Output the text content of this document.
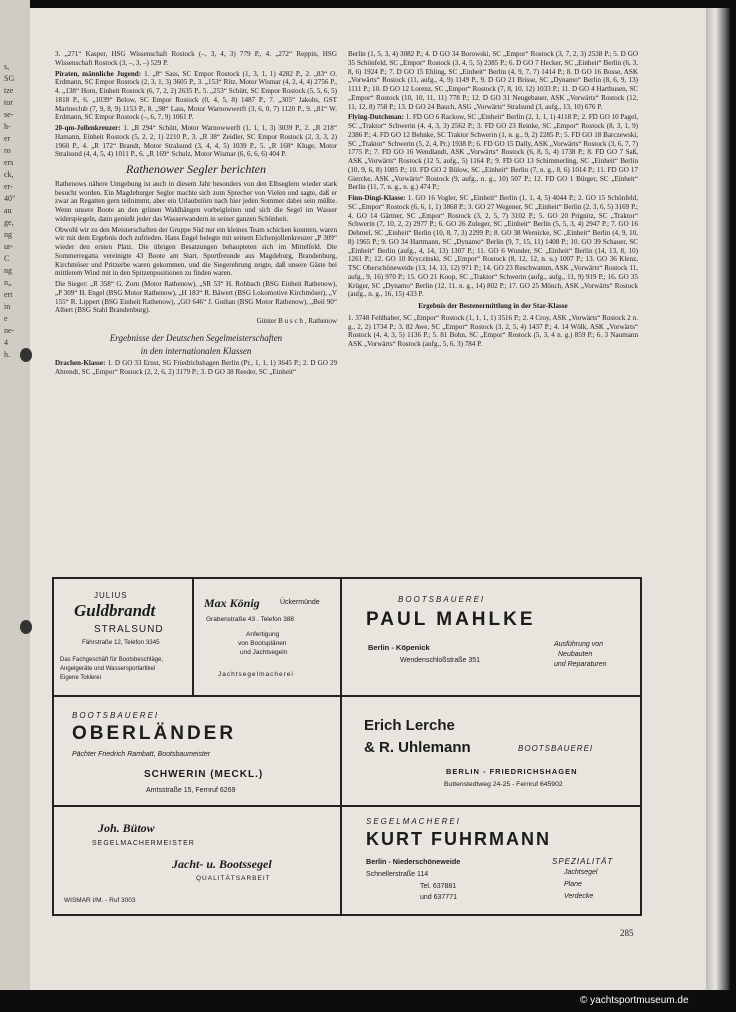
s,
SG
tze
tor
se-
h-
er
ro
ers
ck,
er-
40"
au
ge,
ng
ur-
C
ng
n„
ert
in
e
ne-
4
h.

3. „271“ Kasper, HSG Wissenschaft Rostock (–, 3, 4, 3) 779 P., 4. „272“ Reppin, HSG Wissenschaft Rostock (3, –, 3, –) 529 P.

Piraten, männliche Jugend: 1. „8“ Sass, SC Empor Rostock (1, 3, 1, 1) 4282 P., 2. „83“ O. Erdmann, SC Empor Rostock (2, 3, 1, 3) 3605 P., 3. „153“ Ritz, Motor Wismar (4, 2, 4, 4) 2756 P., 4. „138“ Horn, Einheit Rostock (6, 7, 2, 2) 2635 P., 5. „253“ Schütt, SC Empor Rostock (5, 5, 6, 5) 1818 P., 6. „1039“ Below, SC Empor Rostock (0, 4, 5, 8) 1487 P., 7. „305“ Jakobs, GST Marineclub (7, 9, 8, 9) 1153 P., 8. „98“ Lass, Motor Warnowwerft (3, 6, 0, 7) 1120 P., 9. „81“ W. Erdmann, SC Empor Rostock (–, 6, 7, 9) 1061 P.

20-qm-Jollenkreuzer: 1. „R 294“ Schütt, Motor Warnowwerft (1, 1, 1, 3) 3039 P., 2. „R 218“ Hamann, Einheit Rostock (5, 2, 2, 1) 2210 P., 3. „R 38“ Zeidler, SC Empor Rostock (2, 3, 3, 2) 1960 P., 4. „R 172“ Brandt, Motor Stralsund (3, 4, 4, 5) 1039 P., 5. „R 168“ Kluge, Motor Stralsund (4, 4, 5, 4) 1011 P., 6. „R 169“ Schulz, Motor Wismar (6, 6, 6, 6) 404 P.

Rathenower Segler berichten

Rathenows nähere Umgebung ist auch in diesem Jahr besonders von den Elbseglern wieder stark besucht worden. Ein Magdeburger Segler machte sich zum Sprecher von Vielen und sagte, daß er zwar an Regatten gern teilnimmt, aber ein Urlaubstörn nach hier jeden Sommer dabei sein müßte. Wenn unsere Boote an den grünen Waldhängen vorbeigleiten und sich die Segel im Wasser widerspiegeln, dann genießt jeder das Wasserwandern in seiner ganzen Schönheit.

Obwohl wir zu den Meisterschaften der Gruppe Süd nur ein kleines Team schicken konnten, waren wir mit dem Ergebnis doch zufrieden. Hans Engel belegte mit seinem Eichenjollenkreuzer „P 309“ wieder den ersten Platz. Die übrigen Besatzungen behaupteten sich im Mittelfeld. Die Sommerregatta vereinigte 43 Boote am Start. Sportfreunde aus Magdeburg, Brandenburg, Kirchmöser und Pritzerbe waren gekommen, und die Siegerehrung zeigte, daß unsere Gäste bei mittlerem Wind mit in den Spitzenpositionen zu finden waren.

Die Sieger: „R 358“ G. Zorn (Motor Rathenow), „SR 53“ H. Rohbach (BSG Einheit Rathenow), „P 309“ H. Engel (BSG Motor Rathenow), „H 183“ R. Bäwert (BSG Lokomotive Kirchmöser), „V 155“ R. Lippert (BSG Einheit Rathenow), „GO 646“ J. Guthan (BSG Motor Rathenow), „Beil 90“ Albert (BSG Stahl Brandenburg).

Günter B u s c h , Rathenow

Ergebnisse der Deutschen Segelmeisterschaften
in den internationalen Klassen

Drachen-Klasse: 1. D GO 33 Ernst, SG Friedrichshagen Berlin (Pr., 1, 1, 1) 3645 P.; 2. D GO 29 Ahrendt, SC „Empor“ Rostock (2, 2, 6, 2) 3179 P.; 3. D GO 38 Reeder, SC „Einheit“

Berlin (1, 5, 3, 4) 3082 P.; 4. D GO 34 Borowski, SC „Empor“ Rostock (3, 7, 2, 3) 2538 P.; 5. D GO 35 Schönfeld, SC „Empor“ Rostock (3, 4, 5, 5) 2385 P.; 6. D GO 7 Hecker, SC „Einheit“ Berlin (6, 3, 8, 6) 1924 P.; 7. D GO 15 Ehling, SC „Einheit“ Berlin (4, 9, 7, 7) 1414 P.; 8. D GO 16 Bosse, ASK „Vorwärts“ Rostock (11, aufg., 4, 9) 1149 P., 9. D GO 21 Brisse, SC „Dynamo“ Berlin (8, 6, 9, 13) 1111 P.; 10. D GO 12 Lorenz, SC „Empor“ Rostock (7, 8, 10, 12) 1033 P.; 11. D GO 4 Harthusen, SC „Empor“ Rostock (10, 10, 11, 11) 778 P.; 12. D GO 31 Neugebauer, ASK „Vorwärts“ Rostock (12, 11, 12, 8) 758 P.; 13. D GO 24 Bauch, ASG „Vorwärts“ Stralsund (3, aufg., 13, 10) 676 P.

Flying-Dutchman: 1. FD GO 6 Rackow, SC „Einheit“ Berlin (2, 1, 1, 1) 4118 P.; 2. FD GO 10 Pagel, SC „Traktor“ Schwerin (4, 4, 3, 3) 2562 P.; 3. FD GO 23 Reinke, SC „Empor“ Rostock (8, 3, 1, 9) 2386 P.; 4. FD GO 12 Behnke, SC Traktor Schwerin (1, n. g., 9, 2) 2285 P.; 5. FD GO 18 Barczewski, SC „Traktor“ Schwerin (5, 2, 4, Pr.) 1938 P.; 6. FD GO 15 Dally, ASK „Vorwärts“ Rostock (3, 6, 7, 7) 1775 P.; 7. FD GO 16 Wendlandt, ASK „Vorwärts“ Rostock (6, 8, 5, 4) 1738 P.; 8. FD GO 7 Saß, ASK „Vorwärts“ Rostock (12 5, aufg., 5) 1164 P.; 9. FD GO 13 Schimmerling, SC „Einheit“ Berlin (10, 9, 6, 8) 1085 P.; 10. FD GO 2 Bülow, SC „Einheit“ Berlin (7, n. g., 8, 6) 1014 P.; 11. FD GO 17 Giercke, ASK „Vorwärts“ Rostock (9, aufg., n. g., 10) 507 P.; 12. FD GO 1 Bürger, SC „Einheit“ Berlin (11, 7, n. g., n. g.) 474 P.;

Finn-Dingi-Klasse: 1. GO 16 Vogler, SC „Einheit“ Berlin (1, 1, 4, 5) 4044 P.; 2. GO 15 Schönfeld, SC „Empor“ Rostock (6, 6, 1, 1) 3868 P.; 3. GO 27 Wegener, SC „Einheit“ Berlin (2, 3, 6, 5) 3169 P.; 4. GO 14 Gärtner, SC „Empor“ Rostock (3, 2, 5, 7) 3102 P.; 5. GO 20 Prignitz, SC „Traktor“ Schwerin (7, 10, 2, 2) 2977 P.; 6. GO 26 Zuleger, SC „Einheit“ Berlin (5, 5, 3, 4) 2947 P.; 7. GO 16 Dehmel, SC „Einheit“ Berlin (10, 8, 7, 3) 2299 P.; 8. GO 38 Wernicke, SC „Einheit“ Berlin (4, 9, 10, 8) 1965 P.; 9. GO 34 Hartmann, SC „Dynamo“ Berlin (9, 7, 15, 11) 1408 P.; 10. GO 39 Schauer, SC „Einheit“ Berlin (aufg., 4, 14, 13) 1307 P.; 11. GO 6 Wunder, SC „Einheit“ Berlin (14, 13, 8, 10) 1261 P.; 12. GO 10 Kryczinski, SC „Empor“ Rostock (8, 12, 12, n. u.) 1007 P.; 13. GO 36 Klenz, TSC Oberschöneweide (13, 14, 13, 12) 971 P.; 14. GO 23 Reschwamm, ASK „Vorwärts“ Rostock 11, aufg., 9, 16) 970 P.; 15. GO 21 Koop, SC „Traktor“ Schwerin (aufg., aufg., 11, 9) 919 P.; 16. GO 35 Krüger, SC „Dynamo“ Berlin (12, 11, n. g., 14) 802 P.; 17. GO 25 Mönch, ASK „Vorwärts“ Rostock (aufg., n. g., 16, 15) 433 P.

Ergebnis der Bestenermittlung in der Star-Klasse

1. 3748 Fehlhaber, SC „Empor“ Rostock (1, 1, 1, 1) 3516 P.; 2. 4 Croy, ASK „Vorwärts“ Rostock 2 n. g., 2, 2) 1734 P.; 3. 82 Awe, SC „Empor“ Rostock (3, 2, 5, 4) 1437 P.; 4. 14 Wölk, ASK „Vorwärts“ Rostock (4, 4, 3, 5) 1136 P.; 5. 81 Bohn, SC „Empor“ Rostock (5, 3, 4 n. g.) 859 P.; 6. 3 Naumann ASK „Vorwärts“ Rostock (aufg., 5, 6, 3) 784 P.

JULIUS
Guldbrandt
STRALSUND
Fährstraße 12, Telefon 3345
Das Fachgeschäft für Bootsbeschläge,
Angelgeräte und Wassersportartikel
Eigene Toklerei
Max König	Ückermünde
Grabenstraße 43 . Telefon 388
Anfertigung
von Bootsplänen
und Jachtsegeln
Jachtsegelmacherei
BOOTSBAUEREI
PAUL MAHLKE
Berlin - Köpenick
Wendenschloßstraße 351
Ausführung von
Neubauten
und Reparaturen
BOOTSBAUEREI
OBERLÄNDER
Pächter Friedrich Rambatt, Bootsbaumeister
SCHWERIN (MECKL.)
Amtsstraße 15, Fernruf 6269
Erich Lerche
& R. Uhlemann	BOOTSBAUEREI
BERLIN - FRIEDRICHSHAGEN
Buttenstedtweg 24-25 - Fernruf 645902
Joh. Bütow
SEGELMACHERMEISTER
Jacht- u. Bootssegel
QUALITÄTSARBEIT
WISMAR I/M. - Ruf 3003
SEGELMACHEREI
KURT FUHRMANN
Berlin - Niederschöneweide	SPEZIALITÄT
Schnellerstraße 114
Tel. 637881
und 637771
Jachtsegel
Plane
Verdecke
285
© yachtsportmuseum.de
